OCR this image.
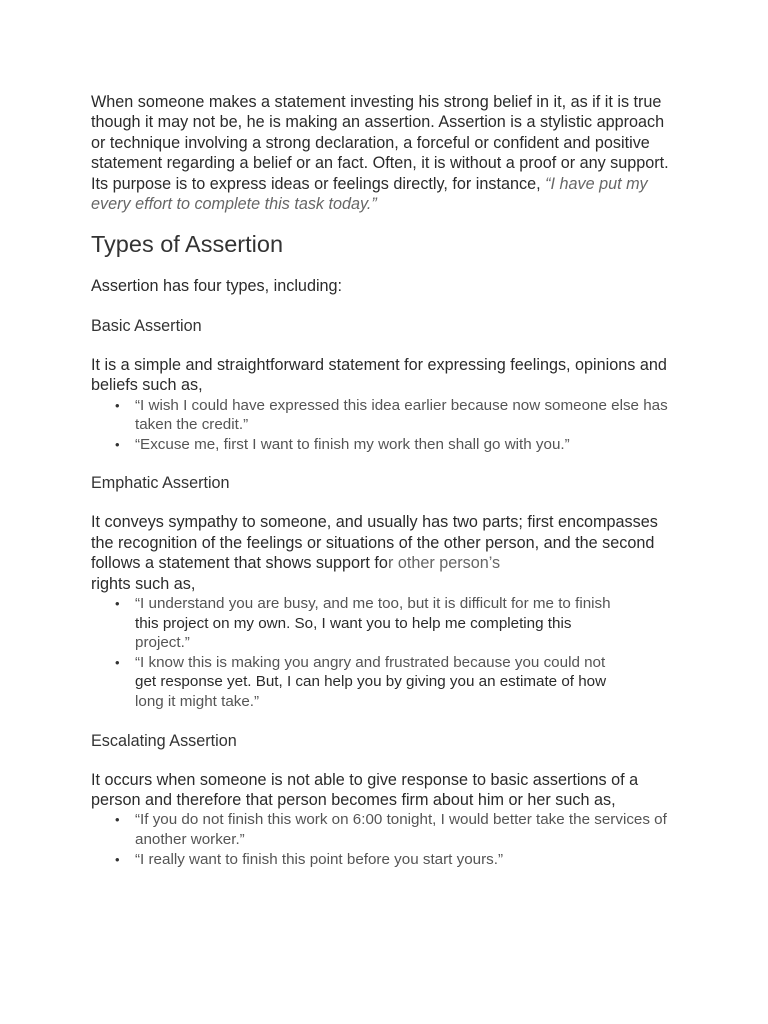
When someone makes a statement investing his strong belief in it, as if it is true though it may not be, he is making an assertion. Assertion is a stylistic approach or technique involving a strong declaration, a forceful or confident and positive statement regarding a belief or an fact. Often, it is without a proof or any support. Its purpose is to express ideas or feelings directly, for instance, “I have put my every effort to complete this task today.”

Types of Assertion

Assertion has four types, including:

Basic Assertion

It is a simple and straightforward statement for expressing feelings, opinions and beliefs such as,

• “I wish I could have expressed this idea earlier because now someone else has taken the credit.”
• “Excuse me, first I want to finish my work then shall go with you.”
Emphatic Assertion

It conveys sympathy to someone, and usually has two parts; first encompasses the recognition of the feelings or situations of the other person, and the second follows a statement that shows support for other person’s
rights such as,

• “I understand you are busy, and me too, but it is difficult for me to finish
this project on my own. So, I want you to help me completing this
project.”
• “I know this is making you angry and frustrated because you could not
get response yet. But, I can help you by giving you an estimate of how
long it might take.”
Escalating Assertion

It occurs when someone is not able to give response to basic assertions of a person and therefore that person becomes firm about him or her such as,

• “If you do not finish this work on 6:00 tonight, I would better take the services of another worker.”
• “I really want to finish this point before you start yours.”
